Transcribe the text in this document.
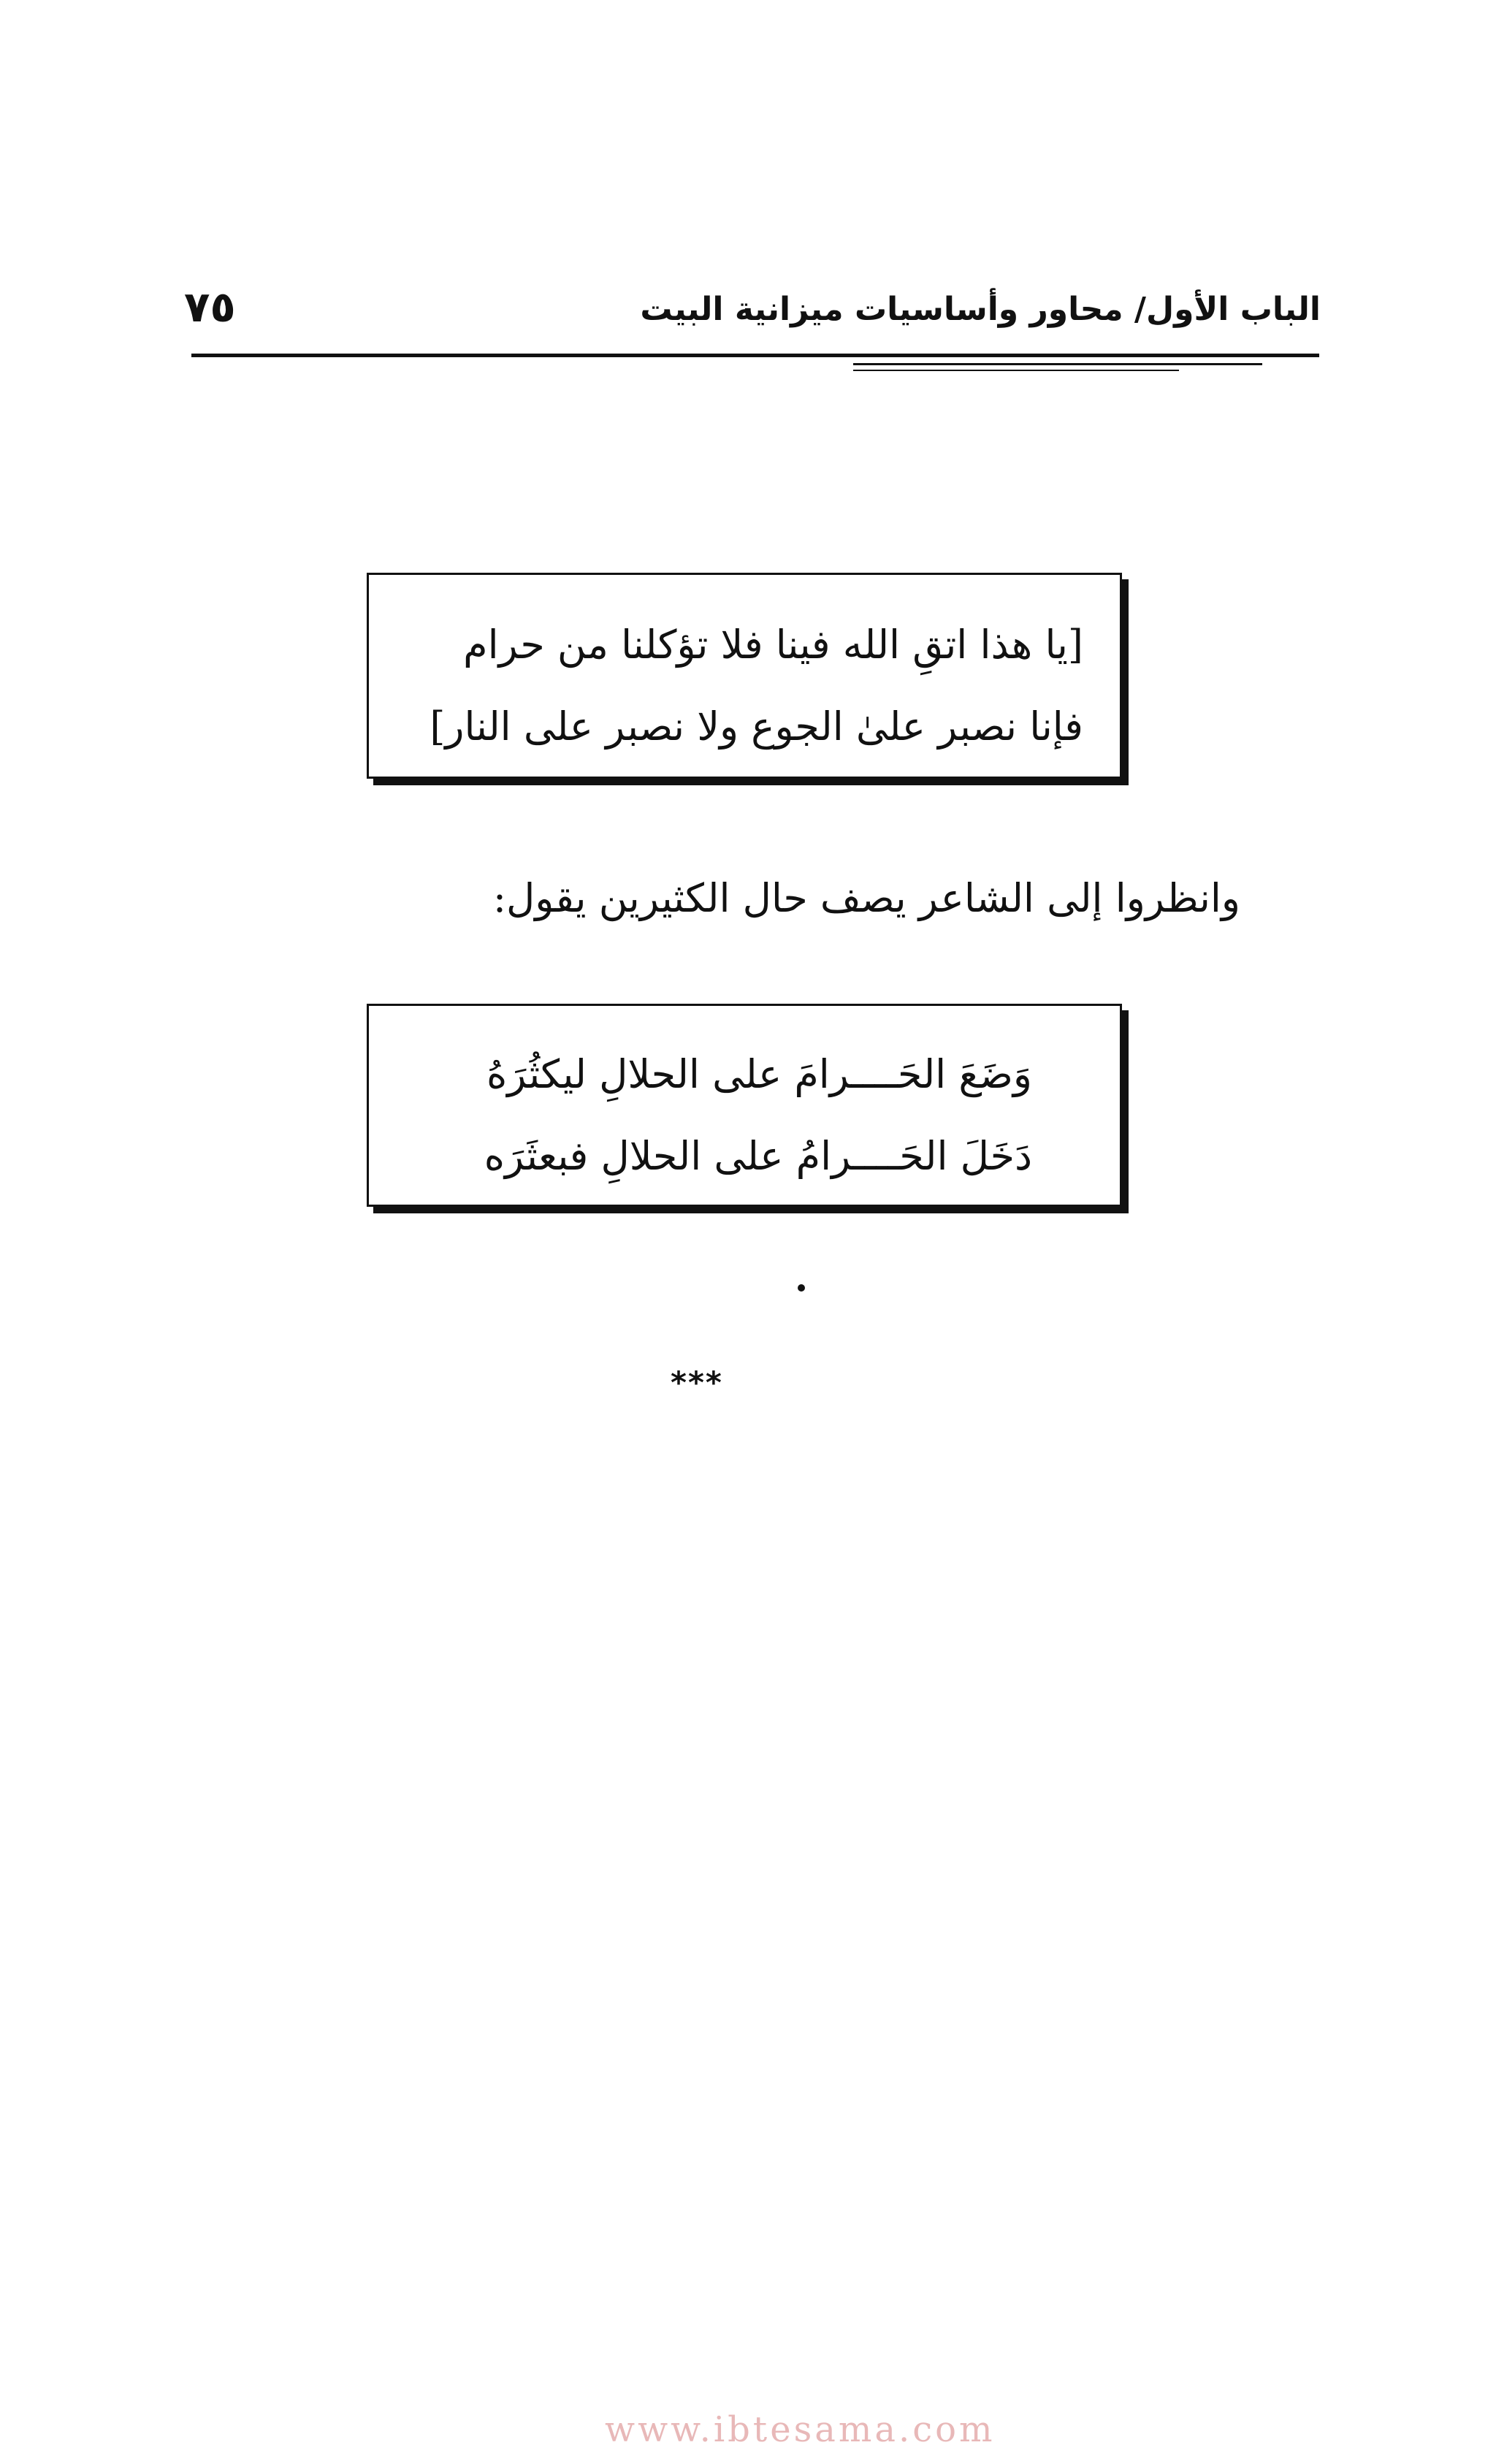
الباب الأول/ محاور وأساسيات ميزانية البيت
٧٥
[يا هذا اتقِ الله فينا فلا تؤكلنا من حرام
فإنا نصبر علىٰ الجوع ولا نصبر على النار]
وانظروا إلى الشاعر يصف حال الكثيرين يقول:
وَضَعَ الحَــــرامَ على الحلالِ ليكثُرَهُ
دَخَلَ الحَــــرامُ على الحلالِ فبعثَرَه
***
www.ibtesama.com
